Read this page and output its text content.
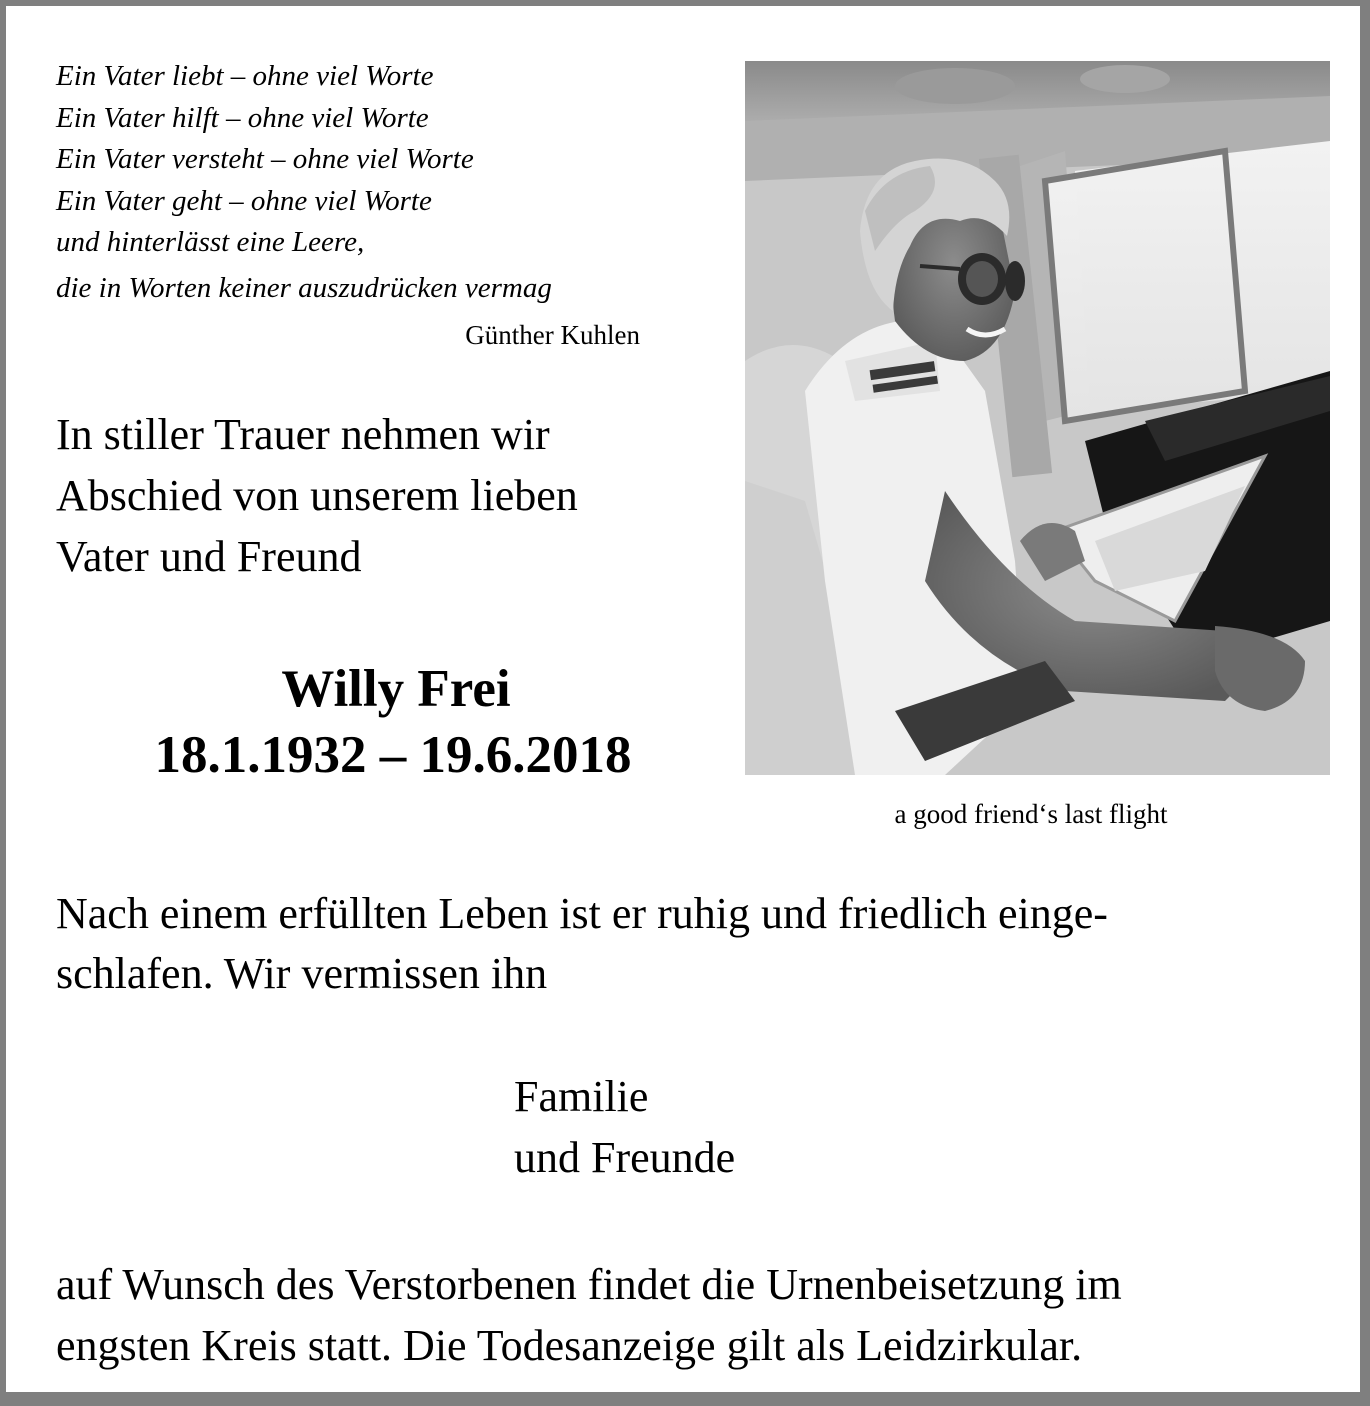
Ein Vater liebt – ohne viel Worte
Ein Vater hilft – ohne viel Worte
Ein Vater versteht – ohne viel Worte
Ein Vater geht – ohne viel Worte
und hinterlässt eine Leere,
die in Worten keiner auszudrücken vermag
Günther Kuhlen
In stiller Trauer nehmen wir
Abschied von unserem lieben
Vater und Freund
Willy Frei
18.1.1932 – 19.6.2018
a good friend‘s last flight
Nach einem erfüllten Leben ist er ruhig und friedlich einge-
schlafen. Wir vermissen ihn
Familie
und Freunde
auf Wunsch des Verstorbenen findet die Urnenbeisetzung im
engsten Kreis statt. Die Todesanzeige gilt als Leidzirkular.
